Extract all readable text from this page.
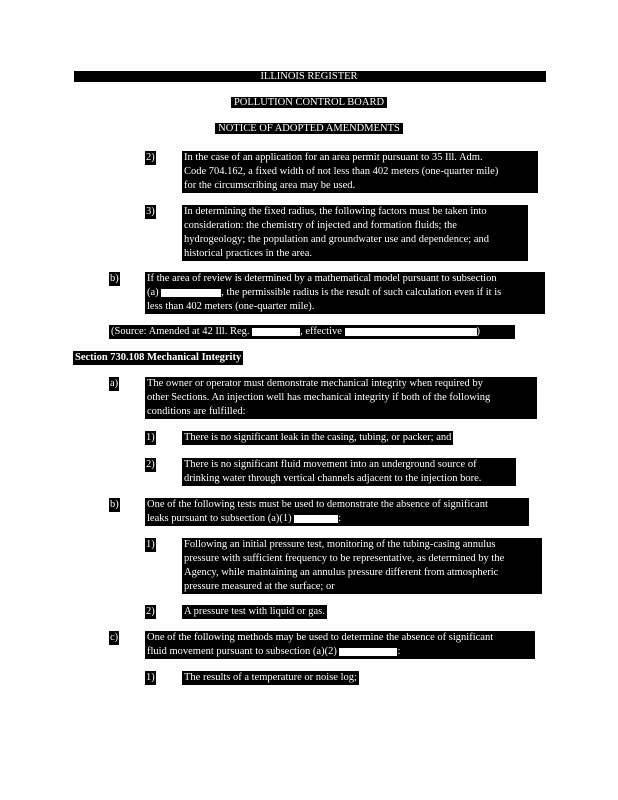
ILLINOIS REGISTER
POLLUTION CONTROL BOARD
NOTICE OF ADOPTED AMENDMENTS
2)	In the case of an application for an area permit pursuant to 35 Ill. Adm.
Code 704.162, a fixed width of not less than 402 meters (one-quarter mile)
for the circumscribing area may be used.
3)	In determining the fixed radius, the following factors must be taken into
consideration: the chemistry of injected and formation fluids; the
hydrogeology; the population and groundwater use and dependence; and
historical practices in the area.
b)	If the area of review is determined by a mathematical model pursuant to subsection
(a)	, the permissible radius is the result of such calculation even if it is
less than 402 meters (one-quarter mile).
(Source: Amended at 42 Ill. Reg.	, effective	)
Section 730.108 Mechanical Integrity
a)	The owner or operator must demonstrate mechanical integrity when required by
other Sections. An injection well has mechanical integrity if both of the following
conditions are fulfilled:
1)	There is no significant leak in the casing, tubing, or packer; and
2)	There is no significant fluid movement into an underground source of
drinking water through vertical channels adjacent to the injection bore.
b)	One of the following tests must be used to demonstrate the absence of significant
leaks pursuant to subsection (a)(1)	:
1)	Following an initial pressure test, monitoring of the tubing-casing annulus
pressure with sufficient frequency to be representative, as determined by the
Agency, while maintaining an annulus pressure different from atmospheric
pressure measured at the surface; or
2)	A pressure test with liquid or gas.
c)	One of the following methods may be used to determine the absence of significant
fluid movement pursuant to subsection (a)(2)	:
1)	The results of a temperature or noise log;
